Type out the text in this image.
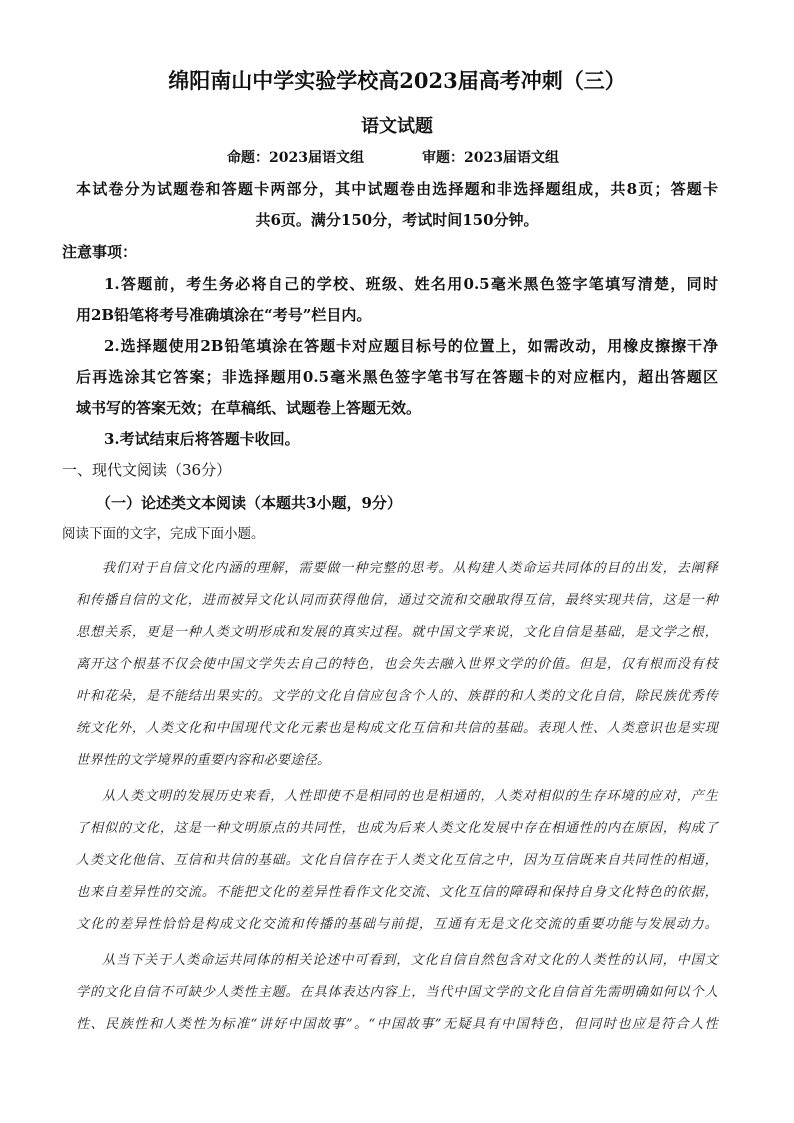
绵阳南山中学实验学校高2023届高考冲刺（三）
语文试题
命题：2023届语文组	审题：2023届语文组
本试卷分为试题卷和答题卡两部分，其中试题卷由选择题和非选择题组成，共8页；答题卡
共6页。满分150分，考试时间150分钟。
注意事项：
1.答题前，考生务必将自己的学校、班级、姓名用0.5毫米黑色签字笔填写清楚，同时
用2B铅笔将考号准确填涂在“考号”栏目内。
2.选择题使用2B铅笔填涂在答题卡对应题目标号的位置上，如需改动，用橡皮擦擦干净
后再选涂其它答案；非选择题用0.5毫米黑色签字笔书写在答题卡的对应框内，超出答题区
域书写的答案无效；在草稿纸、试题卷上答题无效。
3.考试结束后将答题卡收回。
一、现代文阅读（36分）
（一）论述类文本阅读（本题共3小题，9分）
阅读下面的文字，完成下面小题。
我们对于自信文化内涵的理解，需要做一种完整的思考。从构建人类命运共同体的目的出发，去阐释
和传播自信的文化，进而被异文化认同而获得他信，通过交流和交融取得互信，最终实现共信，这是一种
思想关系，更是一种人类文明形成和发展的真实过程。就中国文学来说，文化自信是基础，是文学之根，
离开这个根基不仅会使中国文学失去自己的特色，也会失去融入世界文学的价值。但是，仅有根而没有枝
叶和花朵，是不能结出果实的。文学的文化自信应包含个人的、族群的和人类的文化自信，除民族优秀传
统文化外，人类文化和中国现代文化元素也是构成文化互信和共信的基础。表现人性、人类意识也是实现
世界性的文学境界的重要内容和必要途径。
从人类文明的发展历史来看，人性即使不是相同的也是相通的，人类对相似的生存环境的应对，产生
了相似的文化，这是一种文明原点的共同性，也成为后来人类文化发展中存在相通性的内在原因，构成了
人类文化他信、互信和共信的基础。文化自信存在于人类文化互信之中，因为互信既来自共同性的相通，
也来自差异性的交流。不能把文化的差异性看作文化交流、文化互信的障碍和保持自身文化特色的依据，
文化的差异性恰恰是构成文化交流和传播的基础与前提，互通有无是文化交流的重要功能与发展动力。
从当下关于人类命运共同体的相关论述中可看到，文化自信自然包含对文化的人类性的认同，中国文
学的文化自信不可缺少人类性主题。在具体表达内容上，当代中国文学的文化自信首先需明确如何以个人
性、民族性和人类性为标准“讲好中国故事”。“中国故事”无疑具有中国特色，但同时也应是符合人性
